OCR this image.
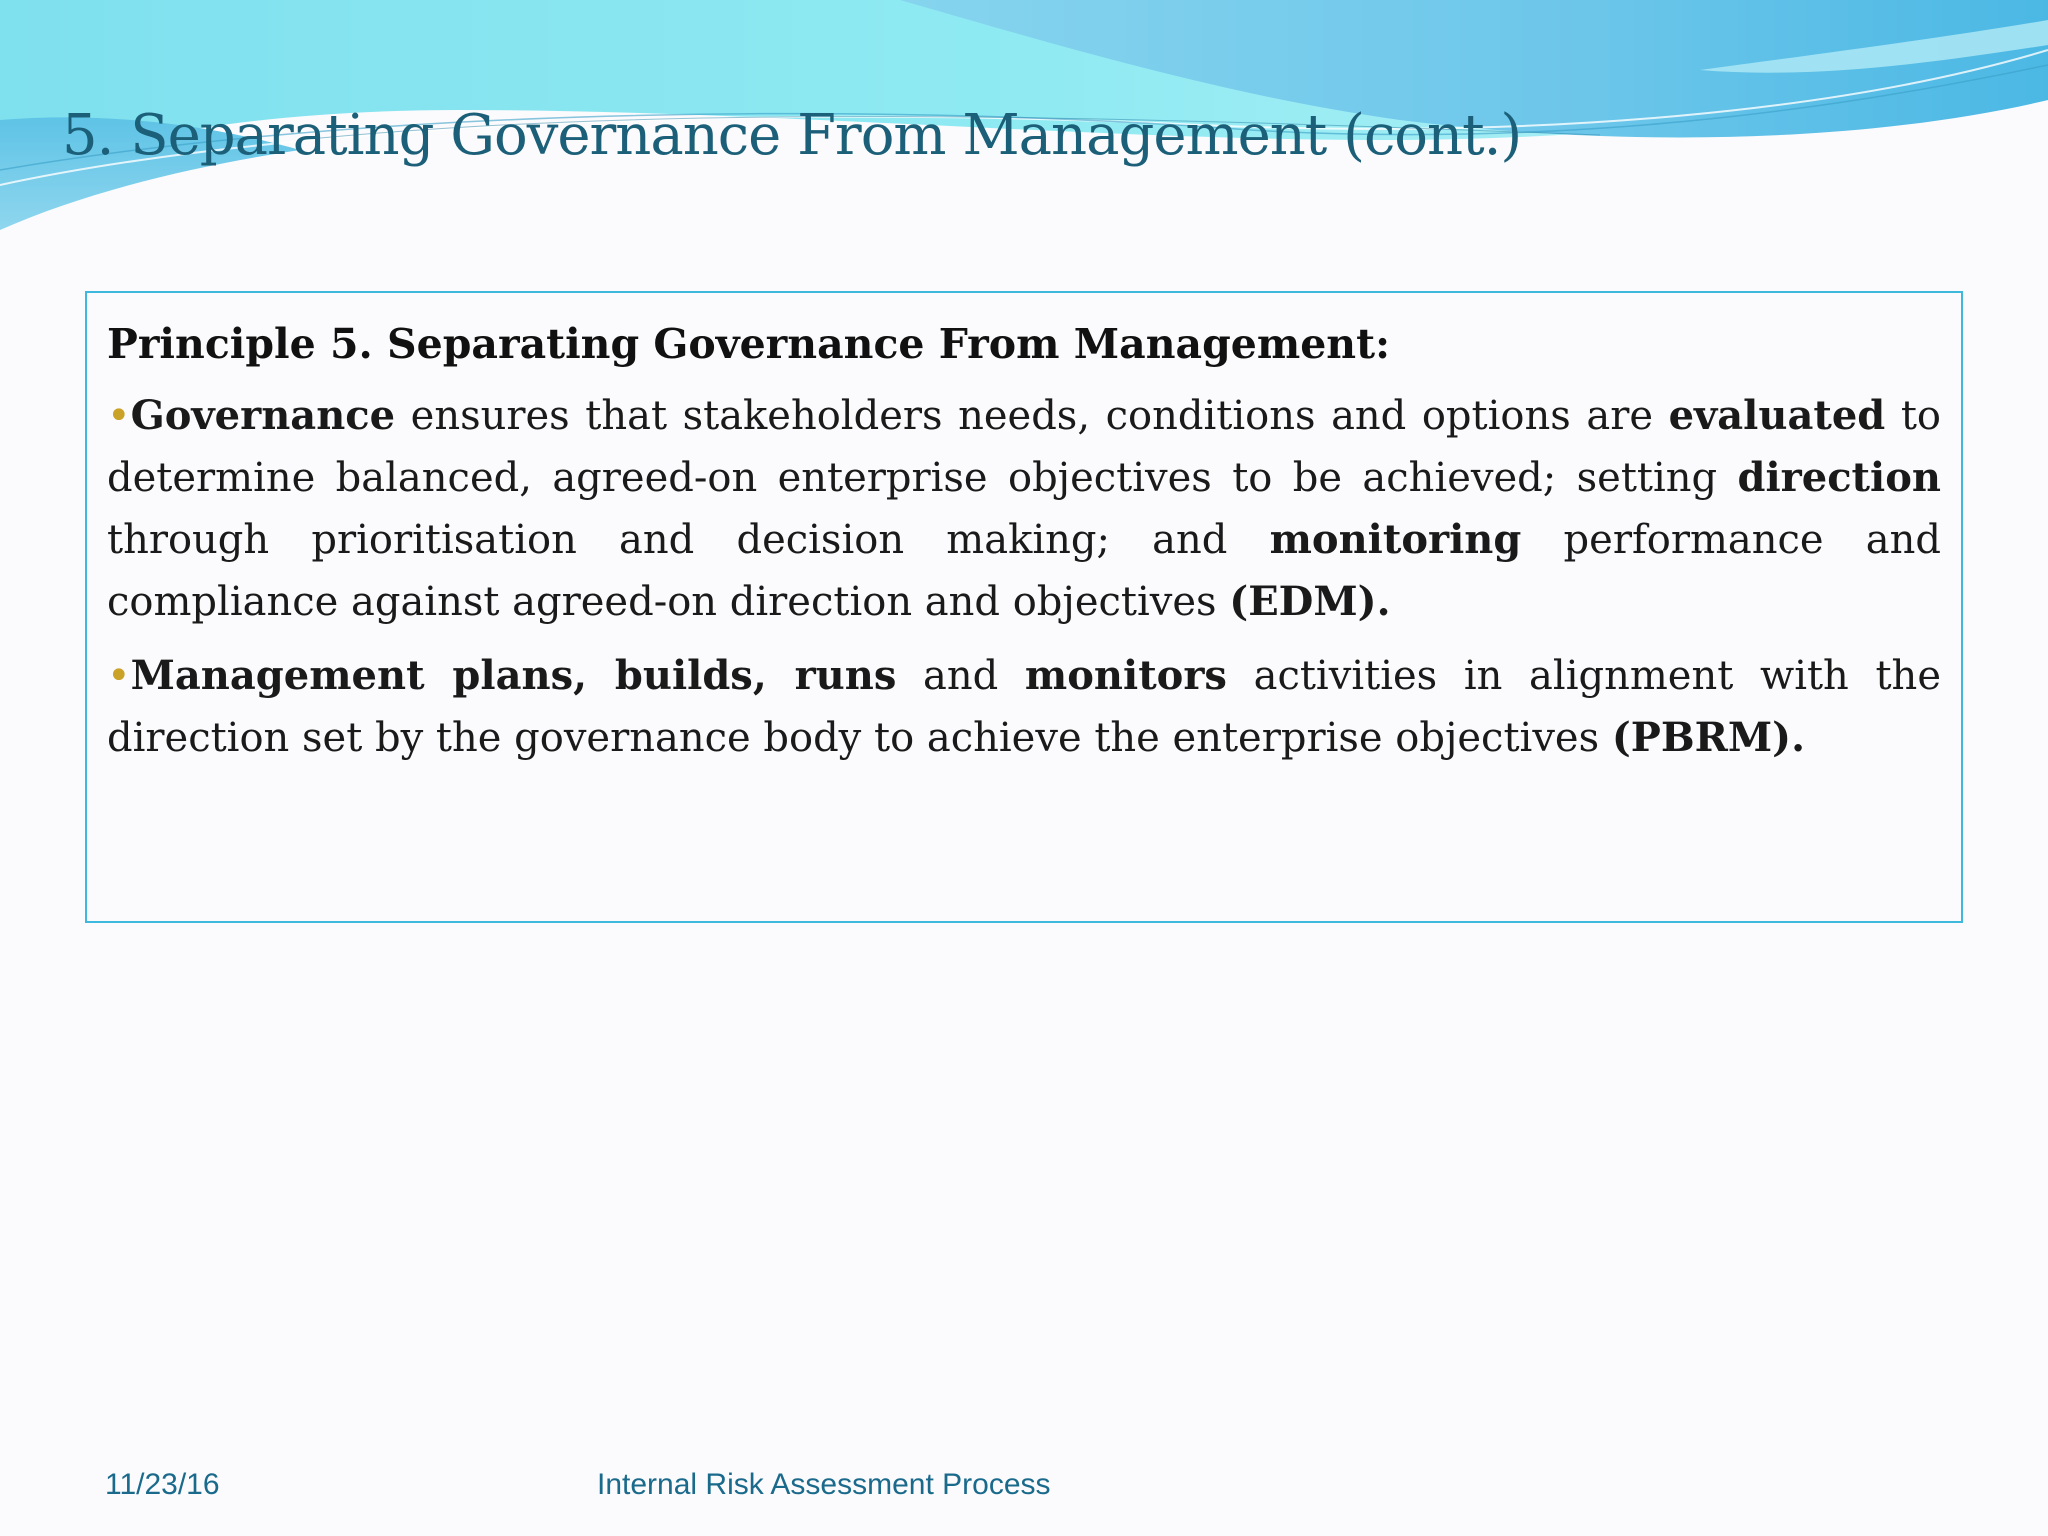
5. Separating Governance From Management (cont.)

Principle 5. Separating Governance From Management:

•Governance ensures that stakeholders needs, conditions and options are evaluated to determine balanced, agreed-on enterprise objectives to be achieved; setting direction through prioritisation and decision making; and monitoring performance and compliance against agreed-on direction and objectives (EDM).

•Management plans, builds, runs and monitors activities in alignment with the direction set by the governance body to achieve the enterprise objectives (PBRM).

11/23/16	Internal Risk Assessment Process
